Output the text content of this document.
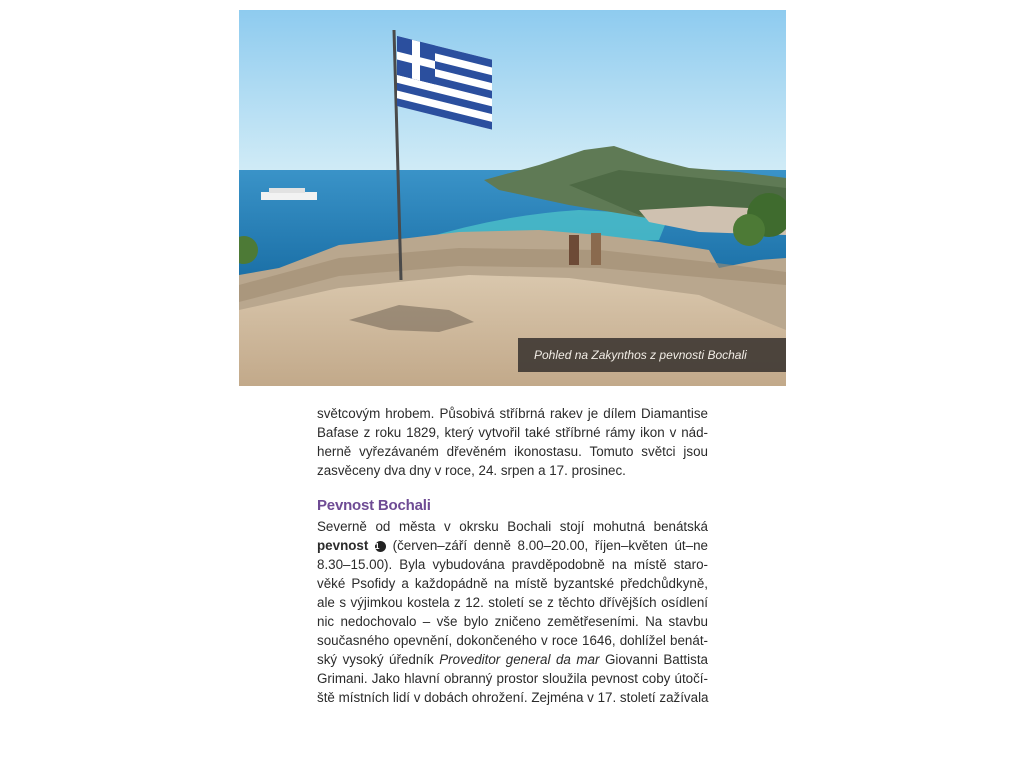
Pohled na Zakynthos z pevnosti Bochali
světcovým hrobem. Působivá stříbrná rakev je dílem Diamantise
Bafase z roku 1829, který vytvořil také stříbrné rámy ikon v nád-
herně vyřezávaném dřevěném ikonostasu. Tomuto světci jsou
zasvěceny dva dny v roce, 24. srpen a 17. prosinec.
Pevnost Bochali
Severně od města v okrsku Bochali stojí mohutná benátská
pevnost 1 (červen–září denně 8.00–20.00, říjen–květen út–ne
8.30–15.00). Byla vybudována pravděpodobně na místě staro-
věké Psofidy a každopádně na místě byzantské předchůdkyně,
ale s výjimkou kostela z 12. století se z těchto dřívějších osídlení
nic nedochovalo – vše bylo zničeno zemětřeseními. Na stavbu
současného opevnění, dokončeného v roce 1646, dohlížel benát-
ský vysoký úředník Proveditor general da mar Giovanni Battista
Grimani. Jako hlavní obranný prostor sloužila pevnost coby útočí-
ště místních lidí v dobách ohrožení. Zejména v 17. století zažívala
